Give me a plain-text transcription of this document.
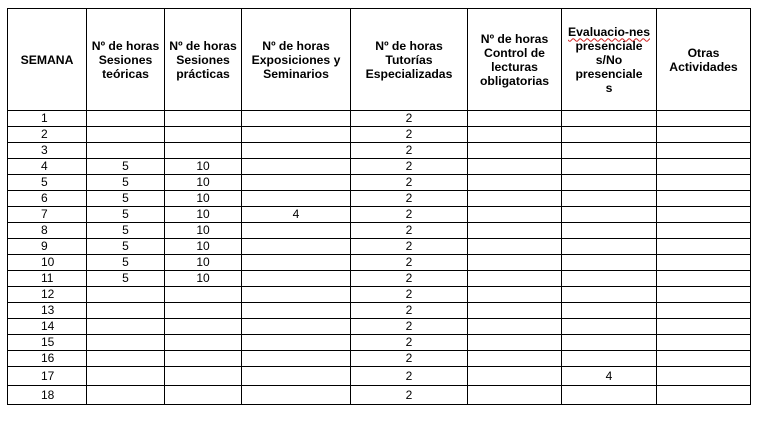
SEMANA	Nº de horas Sesiones teóricas	Nº de horas Sesiones prácticas	Nº de horas Exposiciones y Seminarios	Nº de horas Tutorías Especializadas	Nº de horas Control de lecturas obligatorias	Evaluacio-nes
presenciale
s/No
presenciale
s	Otras Actividades
1				2			
2				2			
3				2			
4	5	10		2			
5	5	10		2			
6	5	10		2			
7	5	10	4	2			
8	5	10		2			
9	5	10		2			
10	5	10		2			
11	5	10		2			
12				2			
13				2			
14				2			
15				2			
16				2			
17				2		4	
18				2			
